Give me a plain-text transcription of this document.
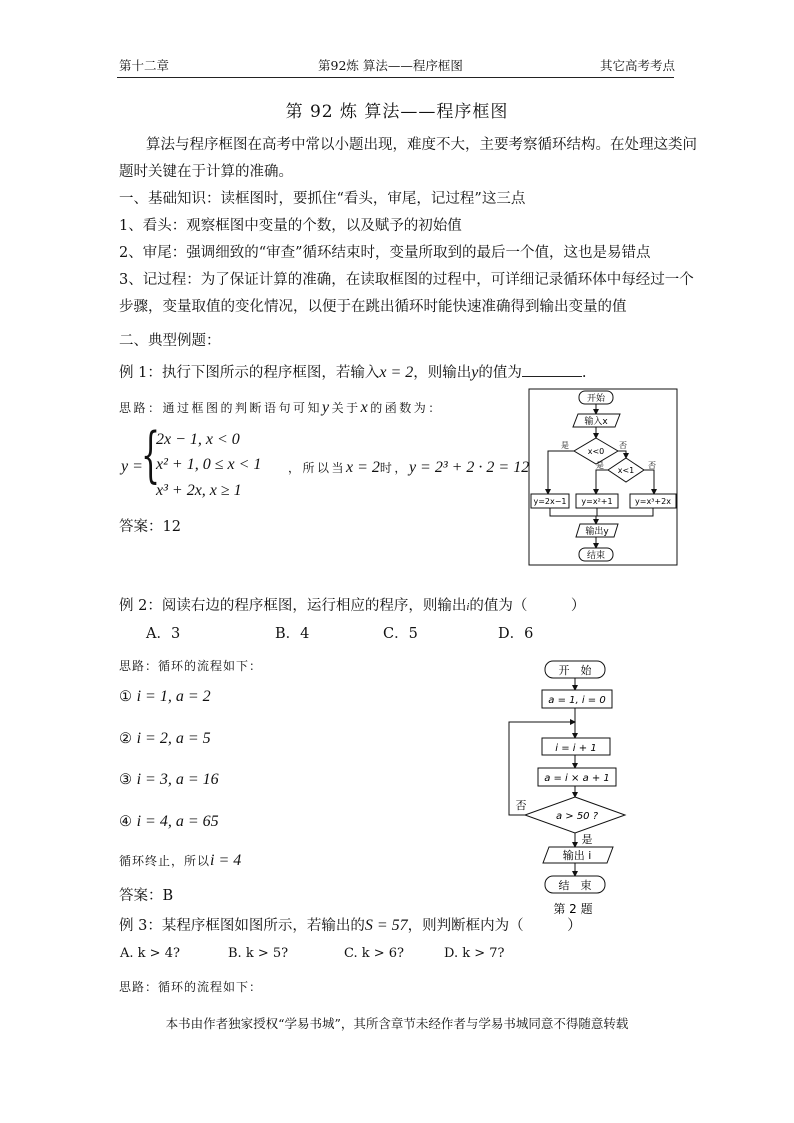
第十二章	第92炼 算法——程序框图	其它高考考点
第 92 炼 算法——程序框图
算法与程序框图在高考中常以小题出现，难度不大，主要考察循环结构。在处理这类问
题时关键在于计算的准确。
一、基础知识：读框图时，要抓住“看头，审尾，记过程”这三点
1、看头：观察框图中变量的个数，以及赋予的初始值
2、审尾：强调细致的“审查”循环结束时，变量所取到的最后一个值，这也是易错点
3、记过程：为了保证计算的准确，在读取框图的过程中，可详细记录循环体中每经过一个
步骤，变量取值的变化情况，以便于在跳出循环时能快速准确得到输出变量的值
二、典型例题：
例 1：执行下图所示的程序框图，若输入x = 2，则输出y的值为	.
思路：通过框图的判断语句可知y关于x的函数为：
y =
{
2x − 1, x < 0
x² + 1, 0 ≤ x < 1
x³ + 2x, x ≥ 1
，所以当x = 2时，y = 2³ + 2 · 2 = 12
答案：12
开始
输入x
x<0
是	否
x<1
是	否
y=2x−1 y=x²+1	y=x³+2x
输出y
结束
例 2：阅读右边的程序框图，运行相应的程序，则输出i的值为（　　　）
A．3	B．4	C．5	D．6
思路：循环的流程如下：
① i = 1, a = 2
② i = 2, a = 5
③ i = 3, a = 16
④ i = 4, a = 65
循环终止，所以i = 4
答案：B
开　始
a = 1, i = 0
i = i + 1
a = i × a + 1
a > 50 ?
否
是
输出 i
结　束
第 2 题
例 3：某程序框图如图所示，若输出的S = 57，则判断框内为（　　　）
A. k > 4?	B. k > 5?	C. k > 6?	D. k > 7?
思路：循环的流程如下：
本书由作者独家授权“学易书城”，其所含章节未经作者与学易书城同意不得随意转载
